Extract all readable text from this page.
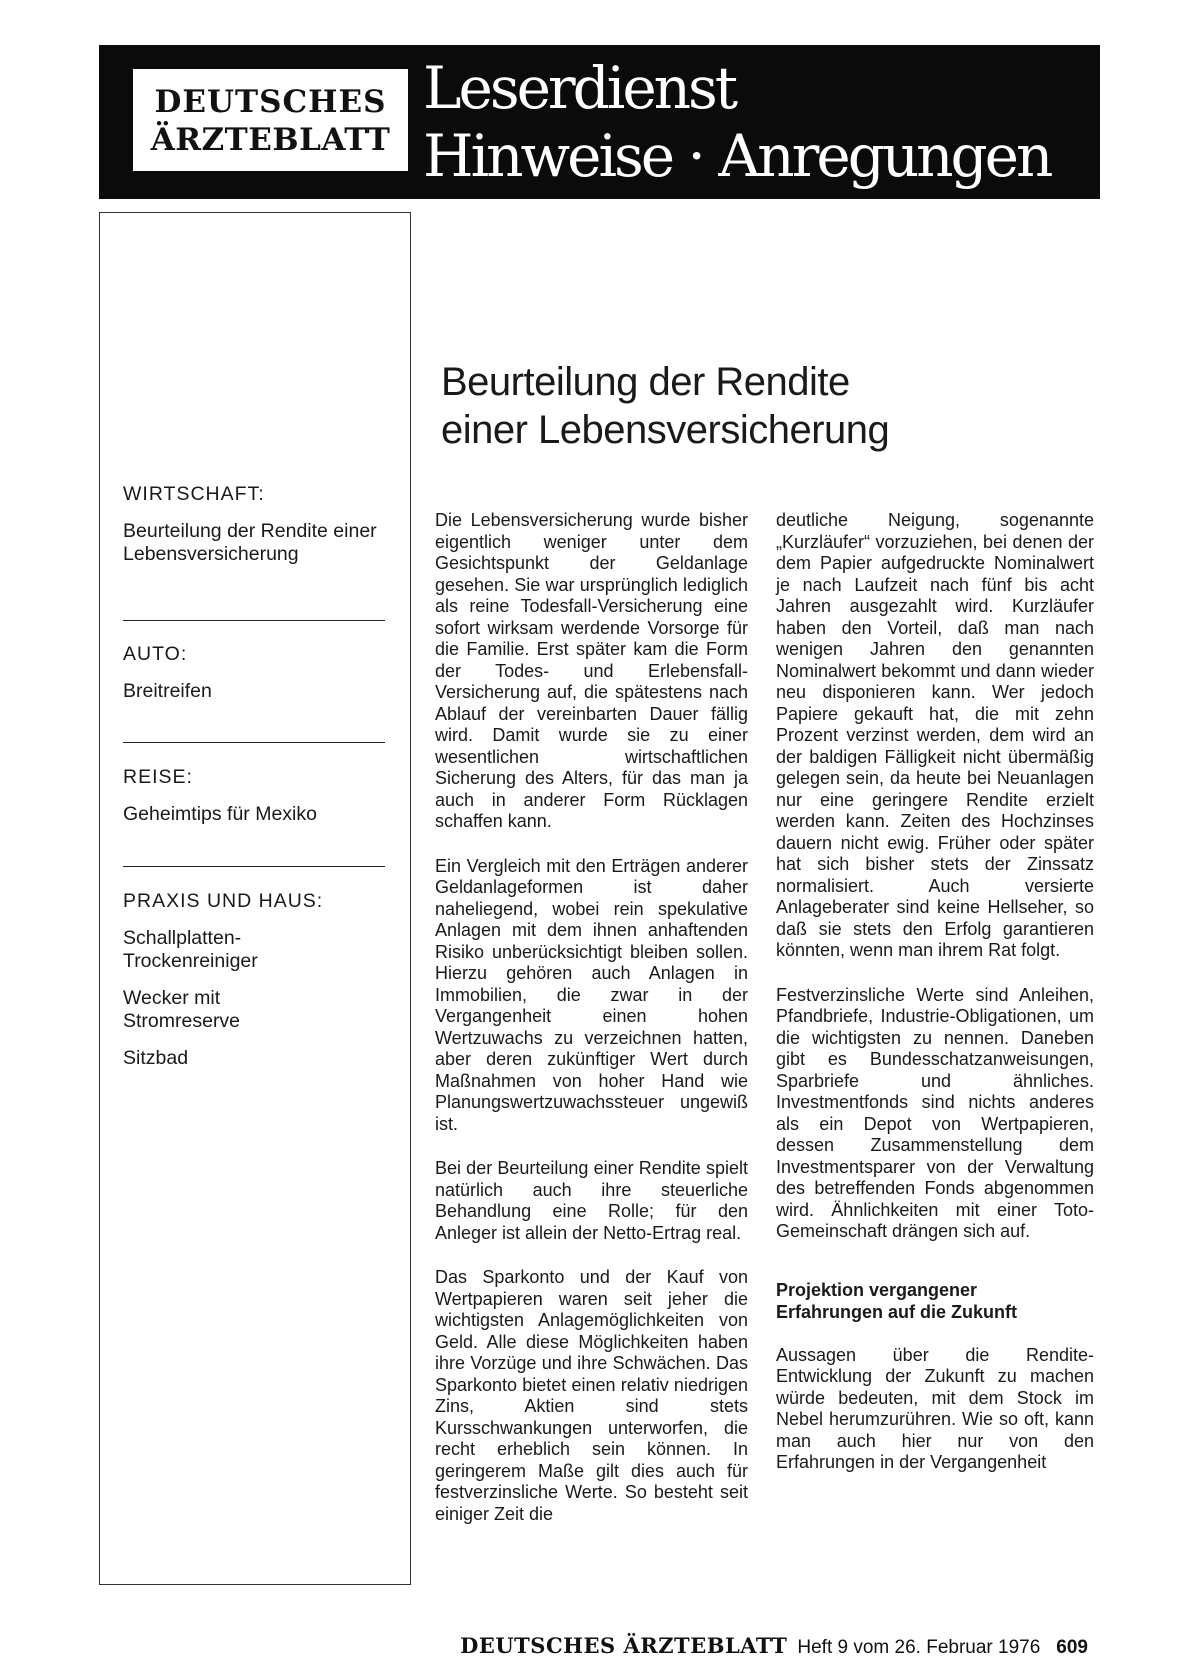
DEUTSCHES
ÄRZTEBLATT
Leserdienst
Hinweise · Anregungen
WIRTSCHAFT:
Beurteilung der Rendite einer Lebensversicherung
AUTO:
Breitreifen
REISE:
Geheimtips für Mexiko
PRAXIS UND HAUS:
Schallplatten-Trockenreiniger
Wecker mit Stromreserve
Sitzbad
Beurteilung der Rendite
einer Lebensversicherung

Die Lebensversicherung wurde bisher eigentlich weniger unter dem Gesichtspunkt der Geldanlage gesehen. Sie war ursprünglich lediglich als reine Todesfall-Versicherung eine sofort wirksam werdende Vorsorge für die Familie. Erst später kam die Form der Todes- und Erlebensfall-Versicherung auf, die spätestens nach Ablauf der vereinbarten Dauer fällig wird. Damit wurde sie zu einer wesentlichen wirtschaftlichen Sicherung des Alters, für das man ja auch in anderer Form Rücklagen schaffen kann.

Ein Vergleich mit den Erträgen anderer Geldanlageformen ist daher naheliegend, wobei rein spekulative Anlagen mit dem ihnen anhaftenden Risiko unberücksichtigt bleiben sollen. Hierzu gehören auch Anlagen in Immobilien, die zwar in der Vergangenheit einen hohen Wertzuwachs zu verzeichnen hatten, aber deren zukünftiger Wert durch Maßnahmen von hoher Hand wie Planungswertzuwachssteuer ungewiß ist.

Bei der Beurteilung einer Rendite spielt natürlich auch ihre steuerliche Behandlung eine Rolle; für den Anleger ist allein der Netto-Ertrag real.

Das Sparkonto und der Kauf von Wertpapieren waren seit jeher die wichtigsten Anlagemöglichkeiten von Geld. Alle diese Möglichkeiten haben ihre Vorzüge und ihre Schwächen. Das Sparkonto bietet einen relativ niedrigen Zins, Aktien sind stets Kursschwankungen unterworfen, die recht erheblich sein können. In geringerem Maße gilt dies auch für festverzinsliche Werte. So besteht seit einiger Zeit die

deutliche Neigung, sogenannte „Kurzläufer“ vorzuziehen, bei denen der dem Papier aufgedruckte Nominalwert je nach Laufzeit nach fünf bis acht Jahren ausgezahlt wird. Kurzläufer haben den Vorteil, daß man nach wenigen Jahren den genannten Nominalwert bekommt und dann wieder neu disponieren kann. Wer jedoch Papiere gekauft hat, die mit zehn Prozent verzinst werden, dem wird an der baldigen Fälligkeit nicht übermäßig gelegen sein, da heute bei Neuanlagen nur eine geringere Rendite erzielt werden kann. Zeiten des Hochzinses dauern nicht ewig. Früher oder später hat sich bisher stets der Zinssatz normalisiert. Auch versierte Anlageberater sind keine Hellseher, so daß sie stets den Erfolg garantieren könnten, wenn man ihrem Rat folgt.

Festverzinsliche Werte sind Anleihen, Pfandbriefe, Industrie-Obligationen, um die wichtigsten zu nennen. Daneben gibt es Bundesschatzanweisungen, Sparbriefe und ähnliches. Investmentfonds sind nichts anderes als ein Depot von Wertpapieren, dessen Zusammenstellung dem Investmentsparer von der Verwaltung des betreffenden Fonds abgenommen wird. Ähnlichkeiten mit einer Toto-Gemeinschaft drängen sich auf.

Projektion vergangener
Erfahrungen auf die Zukunft

Aussagen über die Rendite-Entwicklung der Zukunft zu machen würde bedeuten, mit dem Stock im Nebel herumzurühren. Wie so oft, kann man auch hier nur von den Erfahrungen in der Vergangenheit

DEUTSCHES ÄRZTEBLATT Heft 9 vom 26. Februar 1976 609
